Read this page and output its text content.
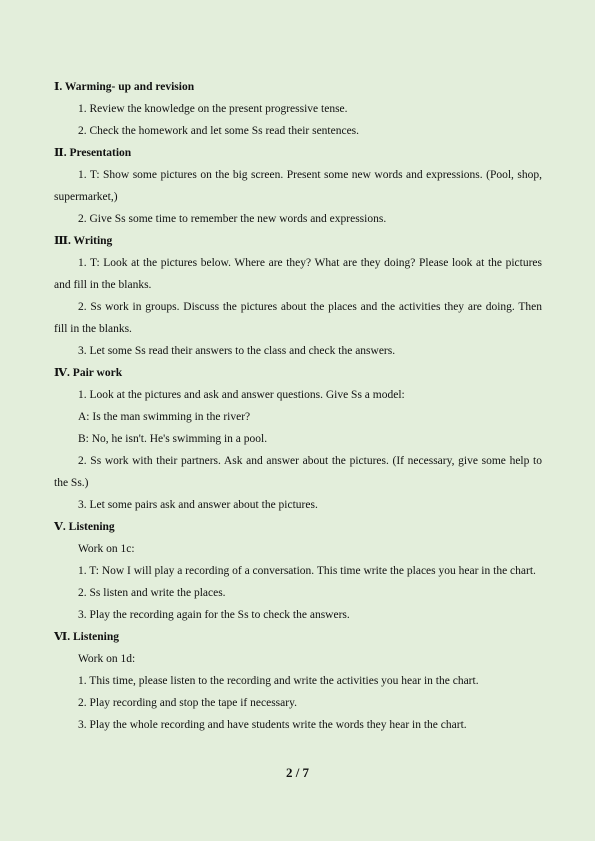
Ⅰ. Warming- up and revision
1. Review the knowledge on the present progressive tense.
2. Check the homework and let some Ss read their sentences.
Ⅱ. Presentation
1. T: Show some pictures on the big screen. Present some new words and expressions. (Pool, shop, supermarket,)
2. Give Ss some time to remember the new words and expressions.
Ⅲ. Writing
1. T: Look at the pictures below. Where are they? What are they doing? Please look at the pictures and fill in the blanks.
2. Ss work in groups. Discuss the pictures about the places and the activities they are doing. Then fill in the blanks.
3. Let some Ss read their answers to the class and check the answers.
Ⅳ. Pair work
1. Look at the pictures and ask and answer questions. Give Ss a model:
A: Is the man swimming in the river?
B: No, he isn't. He's swimming in a pool.
2. Ss work with their partners. Ask and answer about the pictures. (If necessary, give some help to the Ss.)
3. Let some pairs ask and answer about the pictures.
Ⅴ. Listening
Work on 1c:
1. T: Now I will play a recording of a conversation. This time write the places you hear in the chart.
2. Ss listen and write the places.
3. Play the recording again for the Ss to check the answers.
Ⅵ. Listening
Work on 1d:
1. This time, please listen to the recording and write the activities you hear in the chart.
2. Play recording and stop the tape if necessary.
3. Play the whole recording and have students write the words they hear in the chart.
2 / 7
